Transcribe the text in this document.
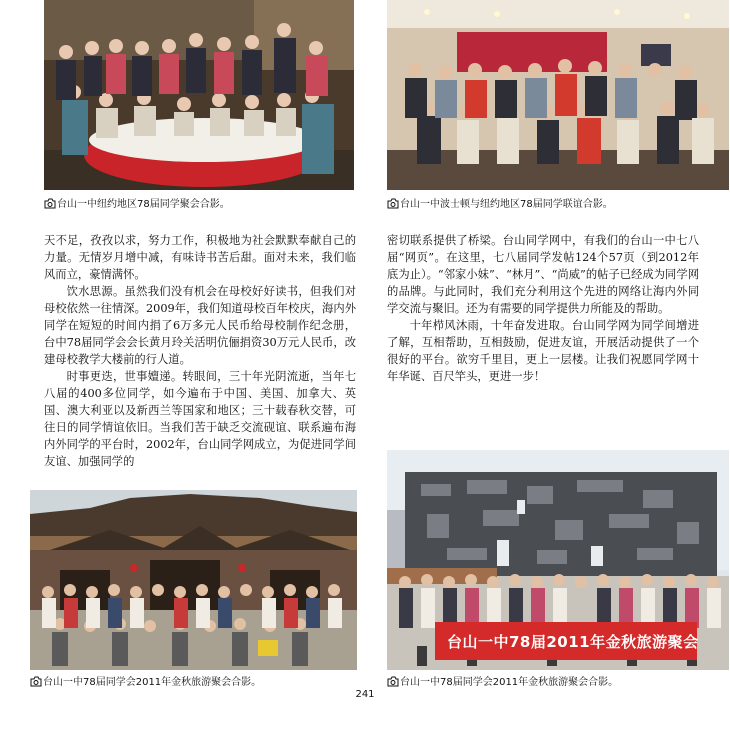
台山一中纽约地区78届同学聚会合影。	台山一中波士顿与纽约地区78届同学联谊合影。

天不足，孜孜以求，努力工作，积极地为社会默默奉献自己的力量。无情岁月增中减，有味诗书苦后甜。面对未来，我们临风而立，豪情满怀。

饮水思源。虽然我们没有机会在母校好好读书，但我们对母校依然一往情深。2009年，我们知道母校百年校庆，海内外同学在短短的时间内捐了6万多元人民币给母校制作纪念册，台中78届同学会会长黄月玲关活明伉俪捐资30万元人民币，改建母校教学大楼前的行人道。

时事更迭，世事嬗递。转眼间，三十年光阴流逝，当年七八届的400多位同学，如今遍布于中国、美国、加拿大、英国、澳大利亚以及新西兰等国家和地区；三十载春秋交替，可往日的同学情谊依旧。当我们苦于缺乏交流砚谊、联系遍布海内外同学的平台时，2002年，台山同学网成立，为促进同学间友谊、加强同学的

密切联系提供了桥梁。台山同学网中，有我们的台山一中七八届“网页”。在这里，七八届同学发帖124个57页（到2012年底为止）。“邻家小妹”、“林月”、“尚威”的帖子已经成为同学网的品牌。与此同时，我们充分利用这个先进的网络让海内外同学交流与聚旧。还为有需要的同学提供力所能及的帮助。

十年栉风沐雨，十年奋发进取。台山同学网为同学间增进了解，互相帮助，互相鼓励，促进友谊，开展活动提供了一个很好的平台。欲穷千里目，更上一层楼。让我们祝愿同学网十年华诞、百尺竿头，更进一步！

台山一中78届同学会2011年金秋旅游聚会合影。
台山一中78届2011年金秋旅游聚会
台山一中78届同学会2011年金秋旅游聚会合影。
241
